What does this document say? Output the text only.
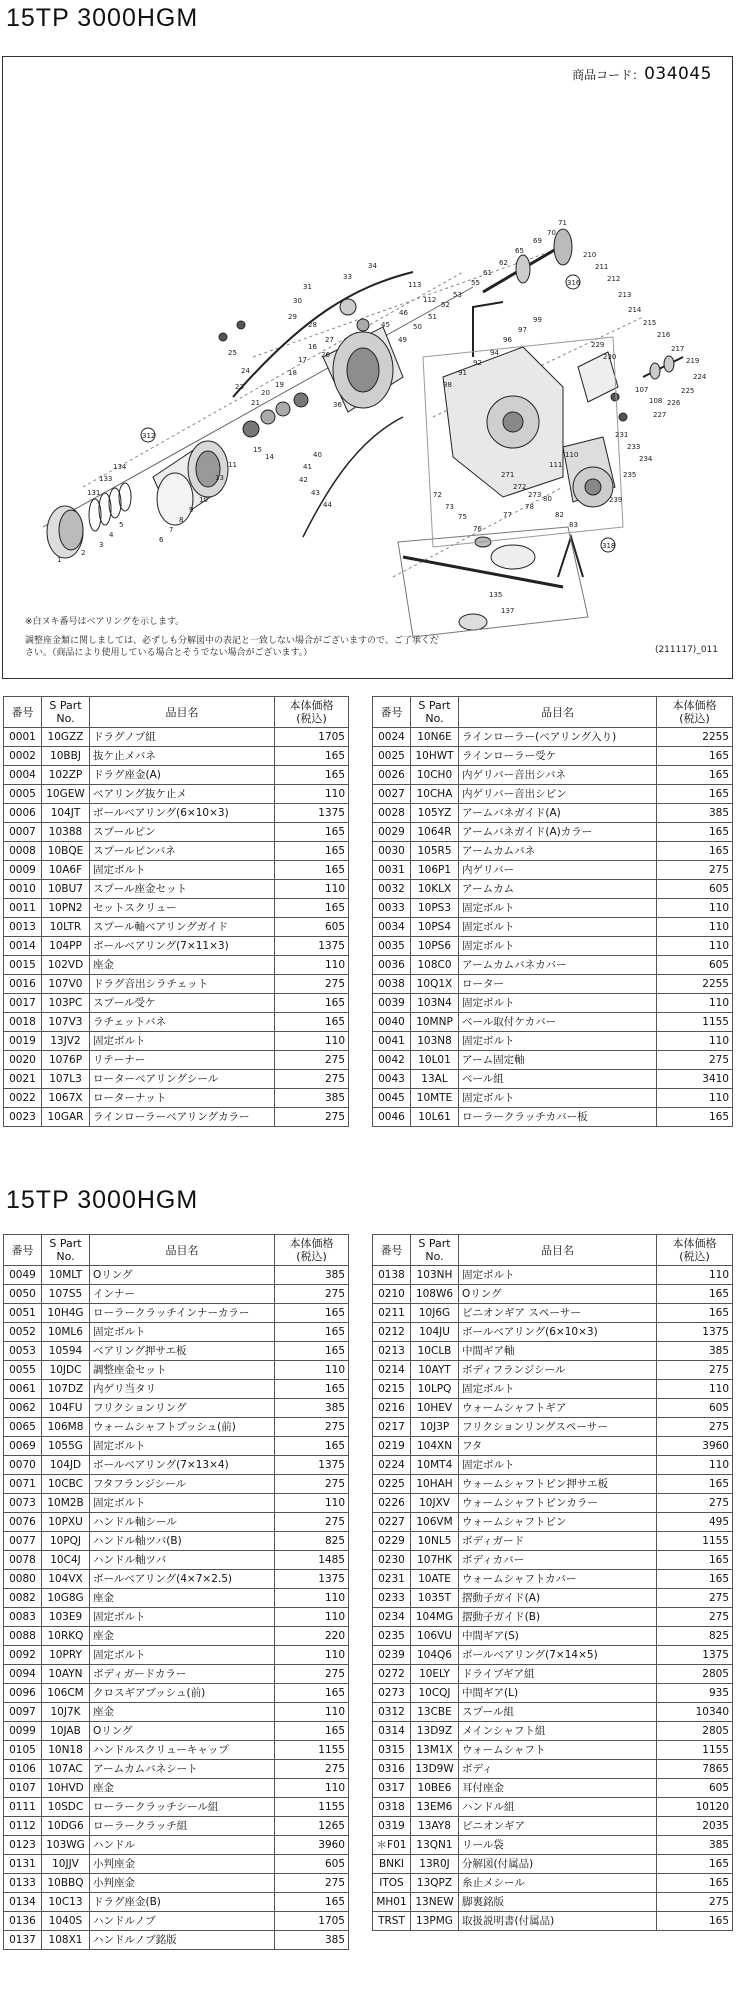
15TP 3000HGM
商品コード：034045
312
316
318
34
33
31
30
29
28
27
26
25
24
23
21
20
19
18
17
16
15
14
13
11
10
9
8
7
6
5
4
3
2
1
36
40
41
42
43
44
45
46
49
50
51
52
53
55
61
62
65
69
70
71
72
73
75
76
77
78
80
82
83
88
91
92
94
96
97
99
107
108
110
111
112
113
131
133
134
135
137
210
211
212
213
214
215
216
217
219
224
225
226
227
229
230
231
233
234
235
239
271
272
273
※白ヌキ番号はベアリングを示します。
調整座金類に関しましては、必ずしも分解図中の表記と一致しない場合がございますので、ご了承ください。（商品により使用している場合とそうでない場合がございます。）	(211117)_011
番号	S Part
No.	品目名	本体価格
(税込)
0001	10GZZ	ドラグノブ組	1705
0002	10BBJ	抜ケ止メバネ	165
0004	102ZP	ドラグ座金(A)	165
0005	10GEW	ベアリング抜ケ止メ	110
0006	104JT	ボールベアリング(6×10×3)	1375
0007	10388	スプールピン	165
0008	10BQE	スプールピンバネ	165
0009	10A6F	固定ボルト	165
0010	10BU7	スプール座金セット	110
0011	10PN2	セットスクリュー	165
0013	10LTR	スプール軸ベアリングガイド	605
0014	104PP	ボールベアリング(7×11×3)	1375
0015	102VD	座金	110
0016	107V0	ドラグ音出シラチェット	275
0017	103PC	スプール受ケ	165
0018	107V3	ラチェットバネ	165
0019	13JV2	固定ボルト	110
0020	1076P	リテーナー	275
0021	107L3	ローターベアリングシール	275
0022	1067X	ローターナット	385
0023	10GAR	ラインローラーベアリングカラー	275
番号	S Part
No.	品目名	本体価格
(税込)
0024	10N6E	ラインローラー(ベアリング入り)	2255
0025	10HWT	ラインローラー受ケ	165
0026	10CH0	内ゲリバー音出シバネ	165
0027	10CHA	内ゲリバー音出シピン	165
0028	105YZ	アームバネガイド(A)	385
0029	1064R	アームバネガイド(A)カラー	165
0030	105R5	アームカムバネ	165
0031	106P1	内ゲリバー	275
0032	10KLX	アームカム	605
0033	10PS3	固定ボルト	110
0034	10PS4	固定ボルト	110
0035	10PS6	固定ボルト	110
0036	108C0	アームカムバネカバー	605
0038	10Q1X	ローター	2255
0039	103N4	固定ボルト	110
0040	10MNP	ベール取付ケカバー	1155
0041	103N8	固定ボルト	110
0042	10L01	アーム固定軸	275
0043	13AL	ベール組	3410
0045	10MTE	固定ボルト	110
0046	10L61	ローラークラッチカバー板	165
15TP 3000HGM
番号	S Part
No.	品目名	本体価格
(税込)
0049	10MLT	Oリング	385
0050	107S5	インナー	275
0051	10H4G	ローラークラッチインナーカラー	165
0052	10ML6	固定ボルト	165
0053	10594	ベアリング押サエ板	165
0055	10JDC	調整座金セット	110
0061	107DZ	内ゲリ当タリ	165
0062	104FU	フリクションリング	385
0065	106M8	ウォームシャフトブッシュ(前)	275
0069	1055G	固定ボルト	165
0070	104JD	ボールベアリング(7×13×4)	1375
0071	10CBC	フタフランジシール	275
0073	10M2B	固定ボルト	110
0076	10PXU	ハンドル軸シール	275
0077	10PQJ	ハンドル軸ツバ(B)	825
0078	10C4J	ハンドル軸ツバ	1485
0080	104VX	ボールベアリング(4×7×2.5)	1375
0082	10G8G	座金	110
0083	103E9	固定ボルト	110
0088	10RKQ	座金	220
0092	10PRY	固定ボルト	110
0094	10AYN	ボディガードカラー	275
0096	106CM	クロスギアブッシュ(前)	165
0097	10J7K	座金	110
0099	10JAB	Oリング	165
0105	10N18	ハンドルスクリューキャップ	1155
0106	107AC	アームカムバネシート	275
0107	10HVD	座金	110
0111	10SDC	ローラークラッチシール組	1155
0112	10DG6	ローラークラッチ組	1265
0123	103WG	ハンドル	3960
0131	10JJV	小判座金	605
0133	10BBQ	小判座金	275
0134	10C13	ドラグ座金(B)	165
0136	1040S	ハンドルノブ	1705
0137	108X1	ハンドルノブ銘版	385
番号	S Part
No.	品目名	本体価格
(税込)
0138	103NH	固定ボルト	110
0210	108W6	Oリング	165
0211	10J6G	ピニオンギア スペーサー	165
0212	104JU	ボールベアリング(6×10×3)	1375
0213	10CLB	中間ギア軸	385
0214	10AYT	ボディフランジシール	275
0215	10LPQ	固定ボルト	110
0216	10HEV	ウォームシャフトギア	605
0217	10J3P	フリクションリングスペーサー	275
0219	104XN	フタ	3960
0224	10MT4	固定ボルト	110
0225	10HAH	ウォームシャフトピン押サエ板	165
0226	10JXV	ウォームシャフトピンカラー	275
0227	106VM	ウォームシャフトピン	495
0229	10NL5	ボディガード	1155
0230	107HK	ボディカバー	165
0231	10ATE	ウォームシャフトカバー	165
0233	1035T	摺動子ガイド(A)	275
0234	104MG	摺動子ガイド(B)	275
0235	106VU	中間ギア(S)	825
0239	104Q6	ボールベアリング(7×14×5)	1375
0272	10ELY	ドライブギア組	2805
0273	10CQJ	中間ギア(L)	935
0312	13CBE	スプール組	10340
0314	13D9Z	メインシャフト組	2805
0315	13M1X	ウォームシャフト	1155
0316	13D9W	ボディ	7865
0317	10BE6	耳付座金	605
0318	13EM6	ハンドル組	10120
0319	13AY8	ピニオンギア	2035
＊F01	13QN1	リール袋	385
BNKI	13R0J	分解図(付属品)	165
ITOS	13QPZ	糸止メシール	165
MH01	13NEW	脚裏銘版	275
TRST	13PMG	取扱説明書(付属品)	165
